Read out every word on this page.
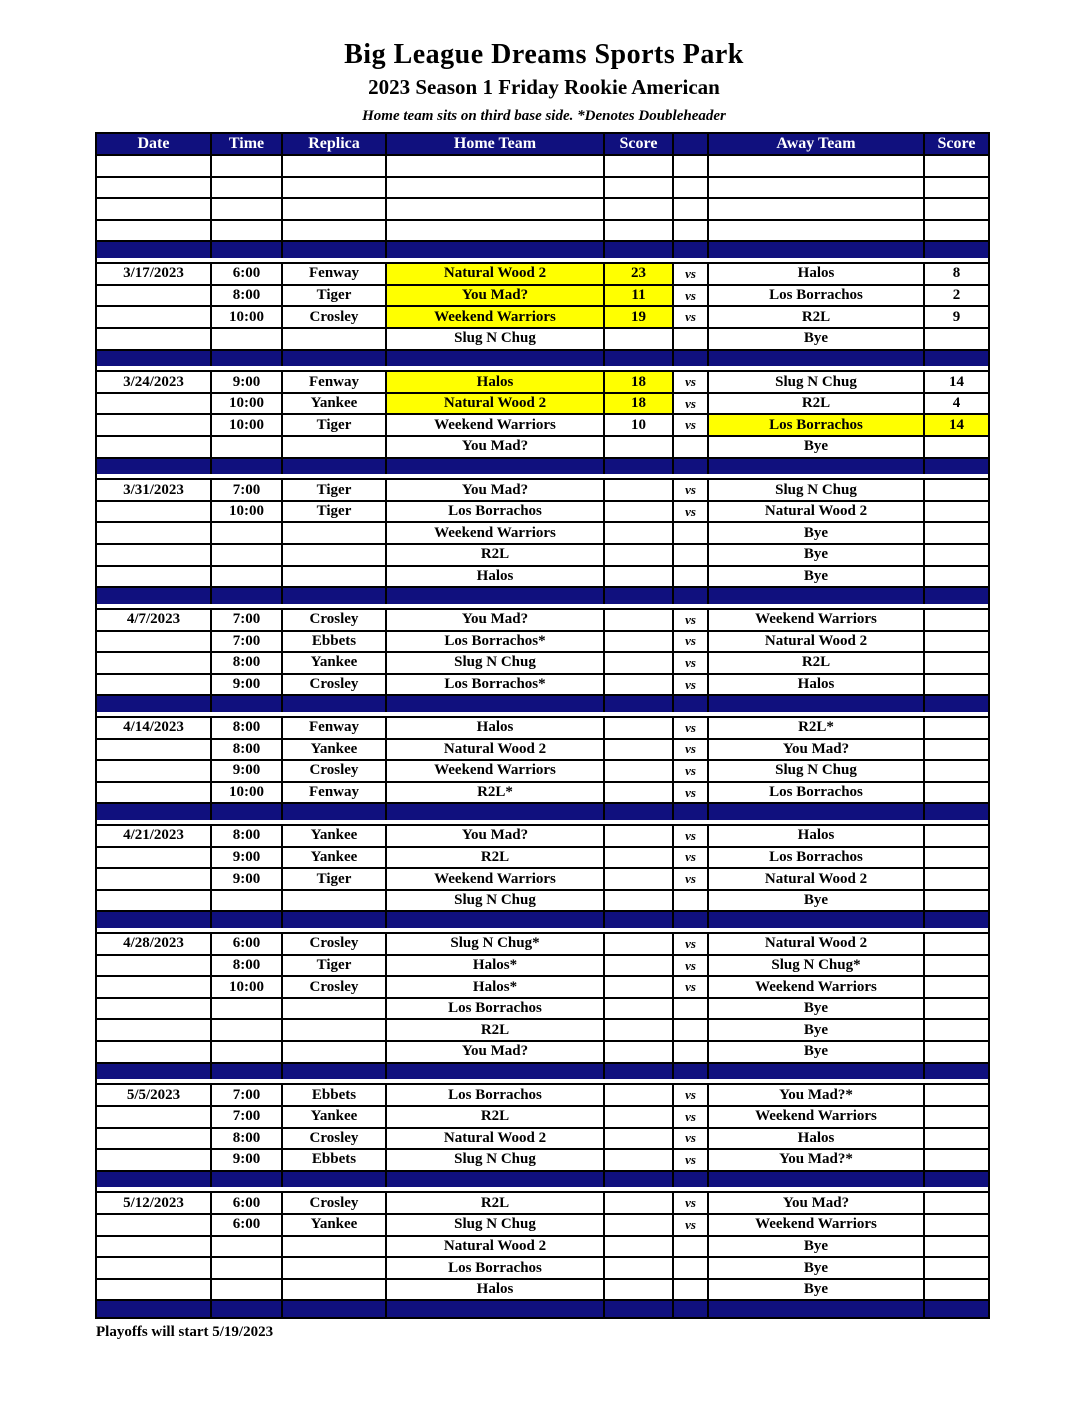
Big League Dreams Sports Park
2023 Season 1 Friday Rookie American
Home team sits on third base side. *Denotes Doubleheader
Date	Time	Replica	Home Team	Score	Away Team	Score
3/17/2023	6:00	Fenway	Natural Wood 2	23	vs	Halos	8
8:00	Tiger	You Mad?	11	vs	Los Borrachos	2
10:00	Crosley	Weekend Warriors	19	vs	R2L	9
Slug N Chug	Bye
3/24/2023	9:00	Fenway	Halos	18	vs	Slug N Chug	14
10:00	Yankee	Natural Wood 2	18	vs	R2L	4
10:00	Tiger	Weekend Warriors	10	vs	Los Borrachos	14
You Mad?	Bye
3/31/2023	7:00	Tiger	You Mad?	vs	Slug N Chug
10:00	Tiger	Los Borrachos	vs	Natural Wood 2
Weekend Warriors	Bye
R2L	Bye
Halos	Bye
4/7/2023	7:00	Crosley	You Mad?	vs	Weekend Warriors
7:00	Ebbets	Los Borrachos*	vs	Natural Wood 2
8:00	Yankee	Slug N Chug	vs	R2L
9:00	Crosley	Los Borrachos*	vs	Halos
4/14/2023	8:00	Fenway	Halos	vs	R2L*
8:00	Yankee	Natural Wood 2	vs	You Mad?
9:00	Crosley	Weekend Warriors	vs	Slug N Chug
10:00	Fenway	R2L*	vs	Los Borrachos
4/21/2023	8:00	Yankee	You Mad?	vs	Halos
9:00	Yankee	R2L	vs	Los Borrachos
9:00	Tiger	Weekend Warriors	vs	Natural Wood 2
Slug N Chug	Bye
4/28/2023	6:00	Crosley	Slug N Chug*	vs	Natural Wood 2
8:00	Tiger	Halos*	vs	Slug N Chug*
10:00	Crosley	Halos*	vs	Weekend Warriors
Los Borrachos	Bye
R2L	Bye
You Mad?	Bye
5/5/2023	7:00	Ebbets	Los Borrachos	vs	You Mad?*
7:00	Yankee	R2L	vs	Weekend Warriors
8:00	Crosley	Natural Wood 2	vs	Halos
9:00	Ebbets	Slug N Chug	vs	You Mad?*
5/12/2023	6:00	Crosley	R2L	vs	You Mad?
6:00	Yankee	Slug N Chug	vs	Weekend Warriors
Natural Wood 2	Bye
Los Borrachos	Bye
Halos	Bye
Playoffs will start 5/19/2023
